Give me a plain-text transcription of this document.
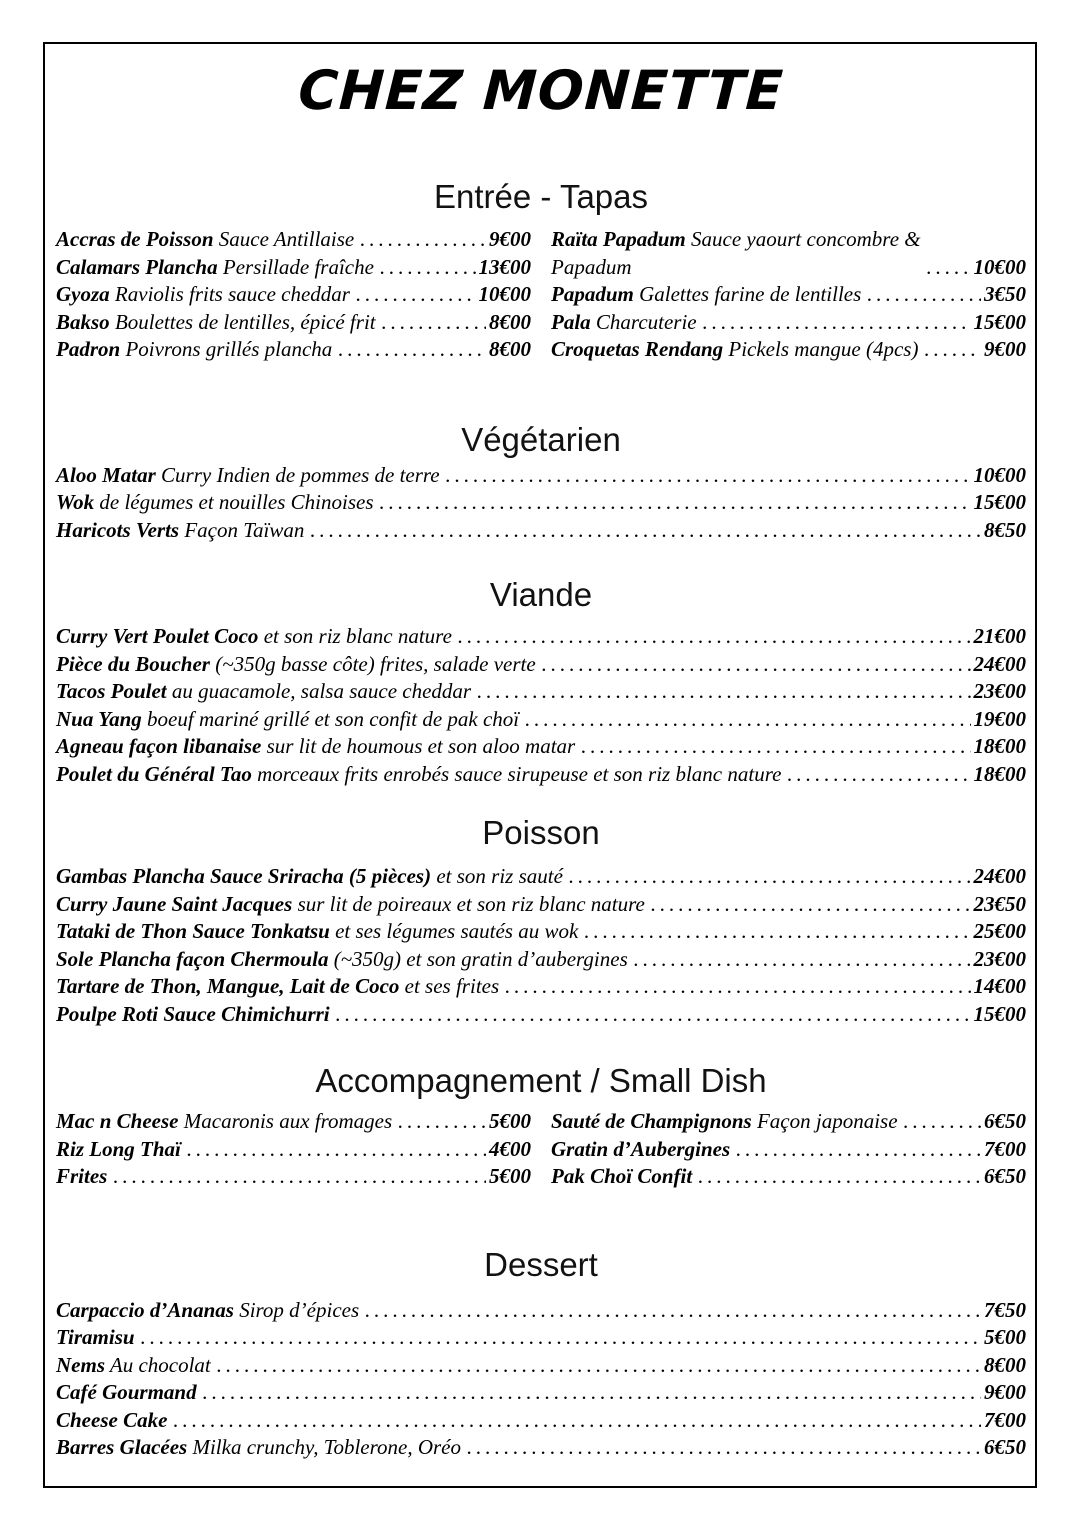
CHEZ MONETTE
Entrée - Tapas
Accras de Poisson Sauce Antillaise .....	9€00
Calamars Plancha Persillade fraîche .....	13€00
Gyoza Raviolis frits sauce cheddar .....	10€00
Bakso Boulettes de lentilles, épicé frit .....	8€00
Padron Poivrons grillés plancha .....	8€00
Raïta Papadum Sauce yaourt concombre &
Papadum .....	10€00
Papadum Galettes farine de lentilles .....	3€50
Pala Charcuterie .....	15€00
Croquetas Rendang Pickels mangue (4pcs) .....	9€00
Végétarien
Aloo Matar Curry Indien de pommes de terre .....	10€00
Wok de légumes et nouilles Chinoises .....	15€00
Haricots Verts Façon Taïwan .....	8€50
Viande
Curry Vert Poulet Coco et son riz blanc nature .....	21€00
Pièce du Boucher (~350g basse côte) frites, salade verte .....	24€00
Tacos Poulet au guacamole, salsa sauce cheddar .....	23€00
Nua Yang boeuf mariné grillé et son confit de pak choï .....	19€00
Agneau façon libanaise sur lit de houmous et son aloo matar .....	18€00
Poulet du Général Tao morceaux frits enrobés sauce sirupeuse et son riz blanc nature .....	18€00
Poisson
Gambas Plancha Sauce Sriracha (5 pièces) et son riz sauté .....	24€00
Curry Jaune Saint Jacques sur lit de poireaux et son riz blanc nature .....	23€50
Tataki de Thon Sauce Tonkatsu et ses légumes sautés au wok .....	25€00
Sole Plancha façon Chermoula (~350g) et son gratin d’aubergines .....	23€00
Tartare de Thon, Mangue, Lait de Coco et ses frites .....	14€00
Poulpe Roti Sauce Chimichurri .....	15€00
Accompagnement / Small Dish
Mac n Cheese Macaronis aux fromages .....	5€00
Riz Long Thaï .....	4€00
Frites .....	5€00
Sauté de Champignons Façon japonaise .....	6€50
Gratin d’Aubergines .....	7€00
Pak Choï Confit .....	6€50
Dessert
Carpaccio d’Ananas Sirop d’épices .....	7€50
Tiramisu .....	5€00
Nems Au chocolat .....	8€00
Café Gourmand .....	9€00
Cheese Cake .....	7€00
Barres Glacées Milka crunchy, Toblerone, Oréo .....	6€50
